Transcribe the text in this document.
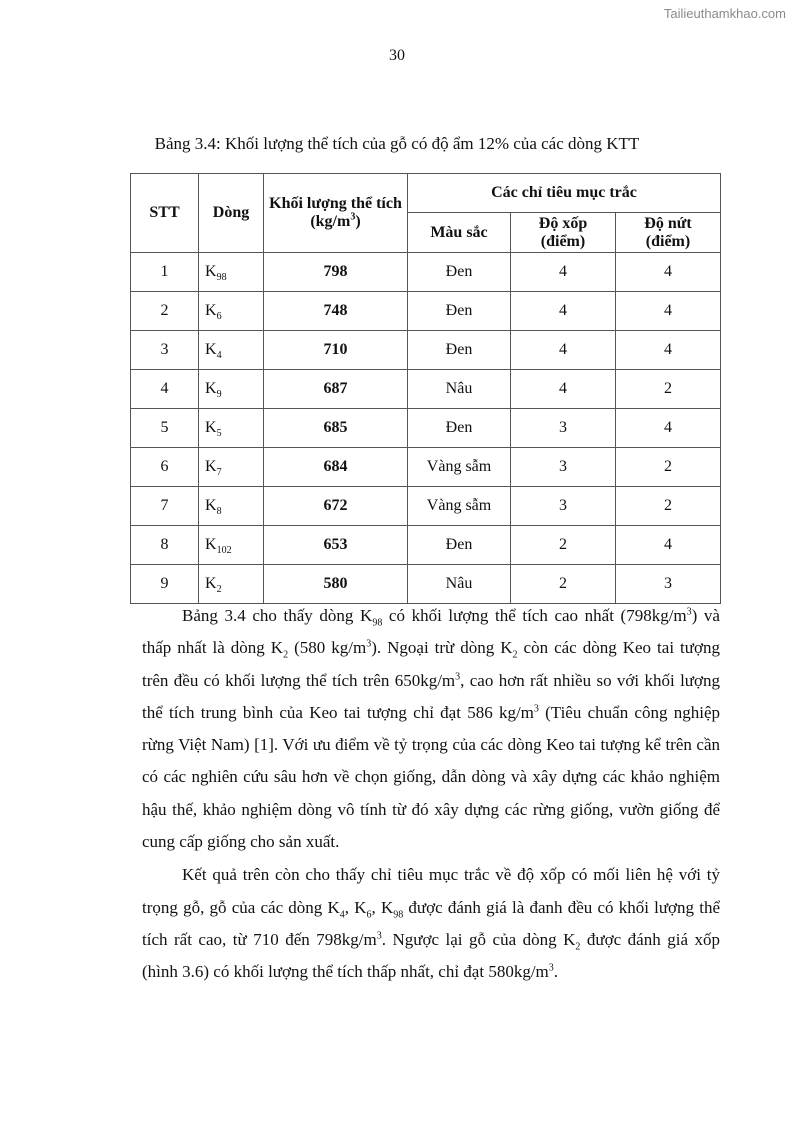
Tailieuthamkhao.com
30
Bảng 3.4: Khối lượng thể tích của gỗ có độ ẩm 12% của các dòng KTT
STT	Dòng	Khối lượng thể tích $(kg/m^3)$	Các chỉ tiêu mục trắc		
			Màu sắc	Độ xốp (điểm)	Độ nứt (điểm)

1	$K_{98}$	798	Đen	4	4
2	$K_6$	748	Đen	4	4
3	$K_4$	710	Đen	4	4
4	$K_9$	687	Nâu	4	2
5	$K_5$	685	Đen	3	4
6	$K_7$	684	Vàng sẫm	3	2
7	$K_8$	672	Vàng sẫm	3	2
8	$K_{102}$	653	Đen	2	4
9	$K_2$	580	Nâu	2	3

Bảng 3.4 cho thấy dòng $K_{98}$ có khối lượng thể tích cao nhất $(798kg/m^3)$ và thấp nhất là dòng $K_2$ (580 $kg/m^3$). Ngoại trừ dòng $K_2$ còn các dòng Keo tai tượng trên đều có khối lượng thể tích trên $650kg/m^3$, cao hơn rất nhiều so với khối lượng thể tích trung bình của Keo tai tượng chỉ đạt 586 $kg/m^3$ (Tiêu chuẩn công nghiệp rừng Việt Nam) [1]. Với ưu điểm về tỷ trọng của các dòng Keo tai tượng kể trên cần có các nghiên cứu sâu hơn về chọn giống, dẫn dòng và xây dựng các khảo nghiệm hậu thế, khảo nghiệm dòng vô tính từ đó xây dựng các rừng giống, vườn giống để cung cấp giống cho sản xuất.

Kết quả trên còn cho thấy chỉ tiêu mục trắc về độ xốp có mối liên hệ với tỷ trọng gỗ, gỗ của các dòng $K_4$, $K_6$, $K_{98}$ được đánh giá là đanh đều có khối lượng thể tích rất cao, từ 710 đến $798kg/m^3$. Ngược lại gỗ của dòng $K_2$ được đánh giá xốp (hình 3.6) có khối lượng thể tích thấp nhất, chỉ đạt $580kg/m^3$.
